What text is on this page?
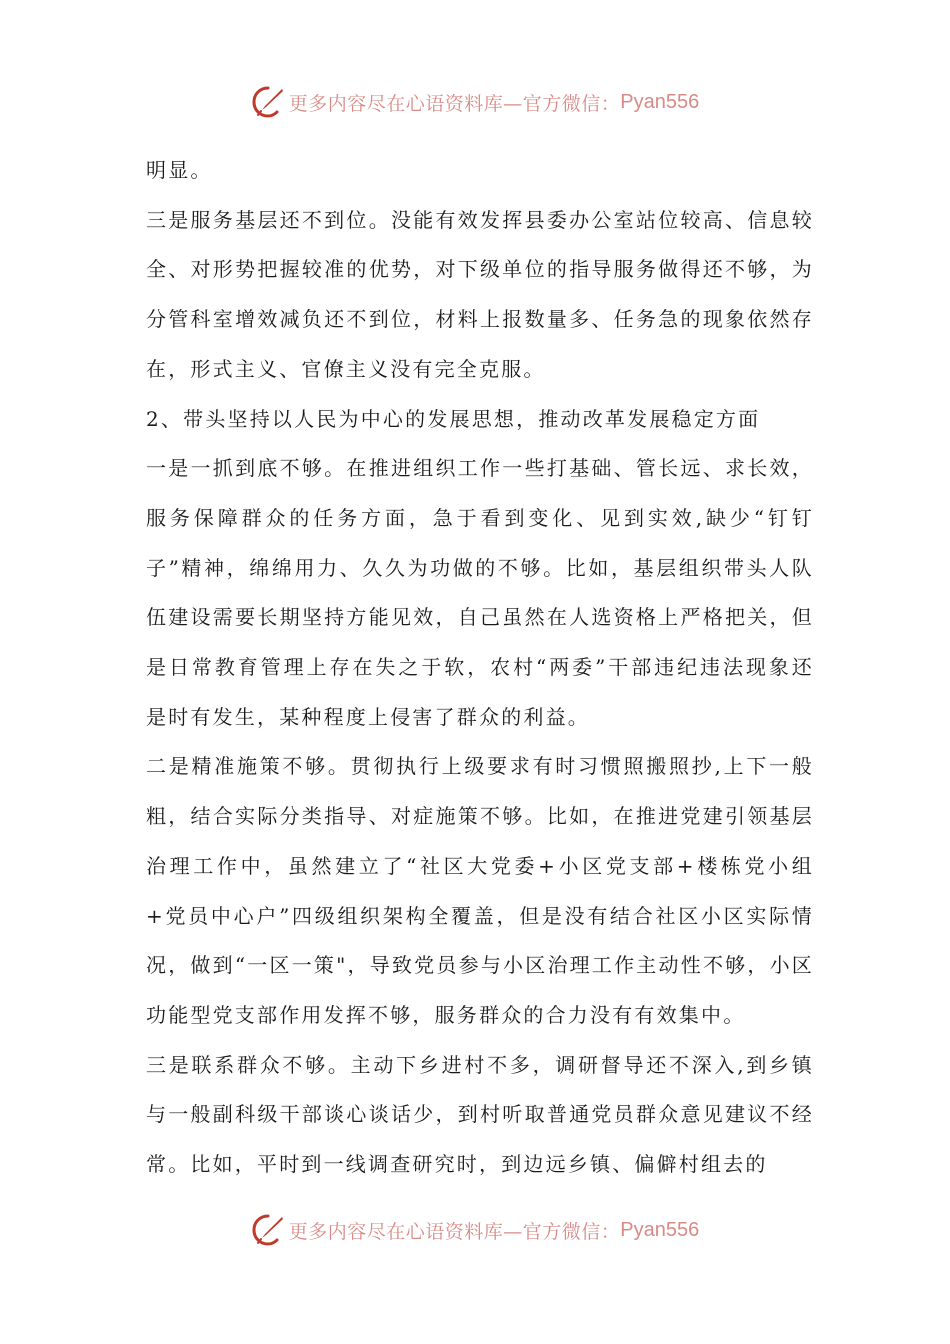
更多内容尽在心语资料库—官方微信： Pyan556

明显。

三是服务基层还不到位。没能有效发挥县委办公室站位较高、信息较全、对形势把握较准的优势，对下级单位的指导服务做得还不够，为分管科室增效减负还不到位，材料上报数量多、任务急的现象依然存在，形式主义、官僚主义没有完全克服。

2、带头坚持以人民为中心的发展思想，推动改革发展稳定方面

一是一抓到底不够。在推进组织工作一些打基础、管长远、求长效，服务保障群众的任务方面，急于看到变化、见到实效,缺少“钉钉子”精神，绵绵用力、久久为功做的不够。比如，基层组织带头人队伍建设需要长期坚持方能见效，自己虽然在人选资格上严格把关，但是日常教育管理上存在失之于软，农村“两委”干部违纪违法现象还是时有发生，某种程度上侵害了群众的利益。

二是精准施策不够。贯彻执行上级要求有时习惯照搬照抄,上下一般粗，结合实际分类指导、对症施策不够。比如，在推进党建引领基层治理工作中，虽然建立了“社区大党委+小区党支部+楼栋党小组+党员中心户”四级组织架构全覆盖，但是没有结合社区小区实际情况，做到“一区一策"，导致党员参与小区治理工作主动性不够，小区功能型党支部作用发挥不够，服务群众的合力没有有效集中。

三是联系群众不够。主动下乡进村不多，调研督导还不深入,到乡镇与一般副科级干部谈心谈话少，到村听取普通党员群众意见建议不经常。比如，平时到一线调查研究时，到边远乡镇、偏僻村组去的

更多内容尽在心语资料库—官方微信： Pyan556
